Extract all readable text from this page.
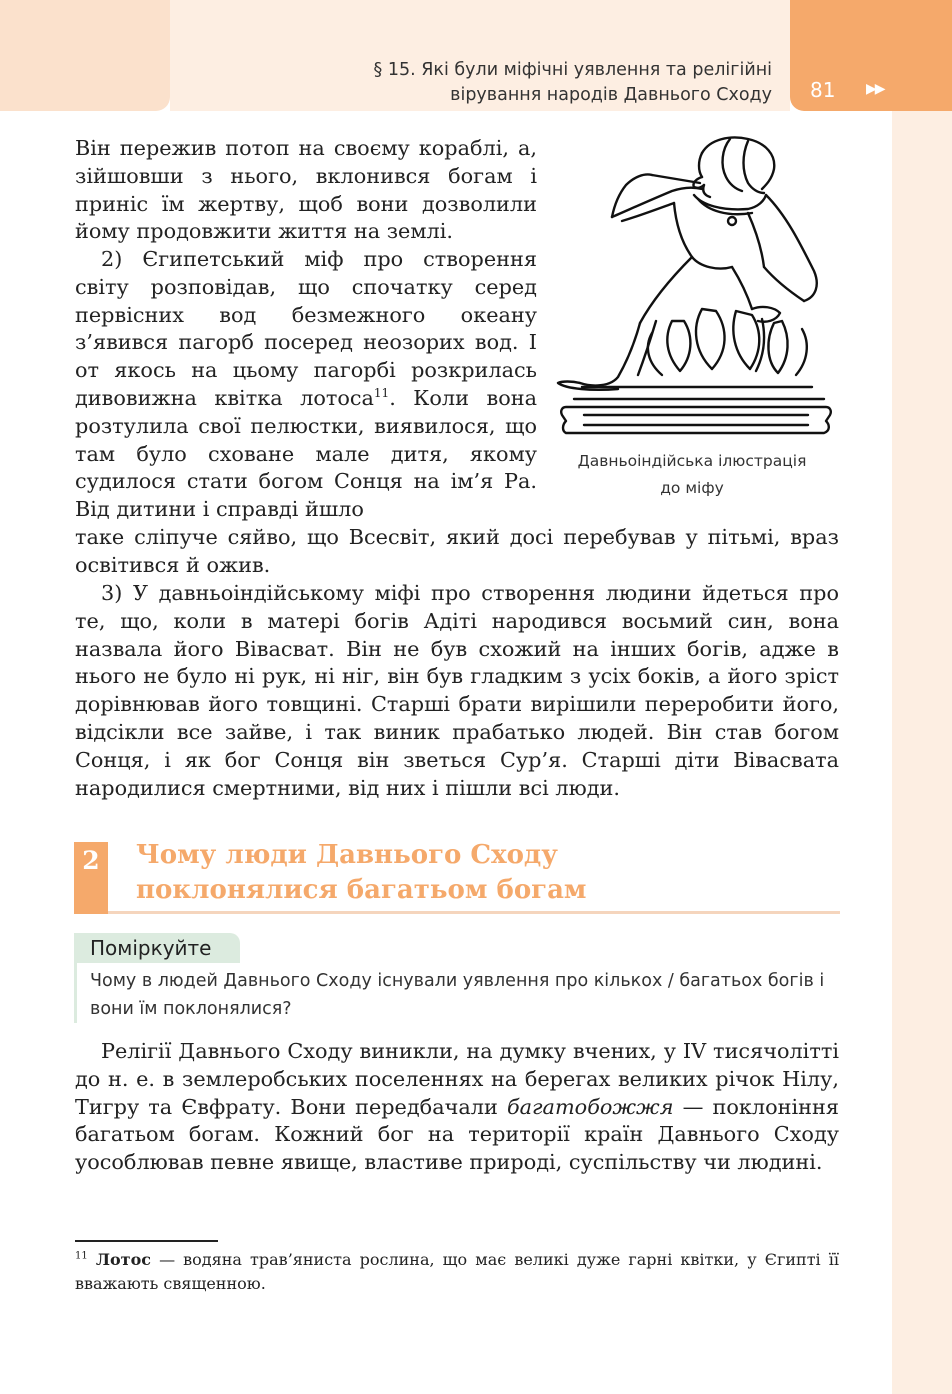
§ 15. Які були міфічні уявлення та релігійні
вірування народів Давнього Сходу 81 ▶▶

Він пережив потоп на своєму кораблі, а, зійшовши з нього, вклонився богам і приніс їм жертву, щоб вони дозволили йому продовжити життя на землі.

2) Єгипетський міф про створення світу розповідав, що спочатку серед первісних вод безмежного океану з’явився пагорб посеред неозорих вод. І от якось на цьому пагорбі розкрилась дивовижна квітка лотоса$^{11}$. Коли вона розтулила свої пелюстки, виявилося, що там було сховане мале дитя, якому судилося стати богом Сонця на ім’я Ра. Від дитини і справді йшло

таке сліпуче сяйво, що Всесвіт, який досі перебував у пітьмі, враз освітився й ожив.

3) У давньоіндійському міфі про створення людини йдеться про те, що, коли в матері богів Адіті народився восьмий син, вона назвала його Вівасват. Він не був схожий на інших богів, адже в нього не було ні рук, ні ніг, він був гладким з усіх боків, а його зріст дорівнював його товщині. Старші брати вирішили переробити його, відсікли все зайве, і так виник прабатько людей. Він став богом Сонця, і як бог Сонця він зветься Сур’я. Старші діти Вівасвата народилися смертними, від них і пішли всі люди.

Давньоіндійська ілюстрація
до міфу
2	Чому люди Давнього Сходу
поклонялися багатьом богам
Поміркуйте

Чому в людей Давнього Сходу існували уявлення про кількох / багатьох богів і вони їм поклонялися?

Релігії Давнього Сходу виникли, на думку вчених, у IV тисячолітті до н. е. в землеробських поселеннях на берегах великих річок Нілу, Тигру та Євфрату. Вони передбачали багатобожжя — поклоніння багатьом богам. Кожний бог на території країн Давнього Сходу уособлював певне явище, властиве природі, суспільству чи людині.

$^{11}$ Лотос — водяна трав’яниста рослина, що має великі дуже гарні квітки, у Єгипті її вважають священною.
